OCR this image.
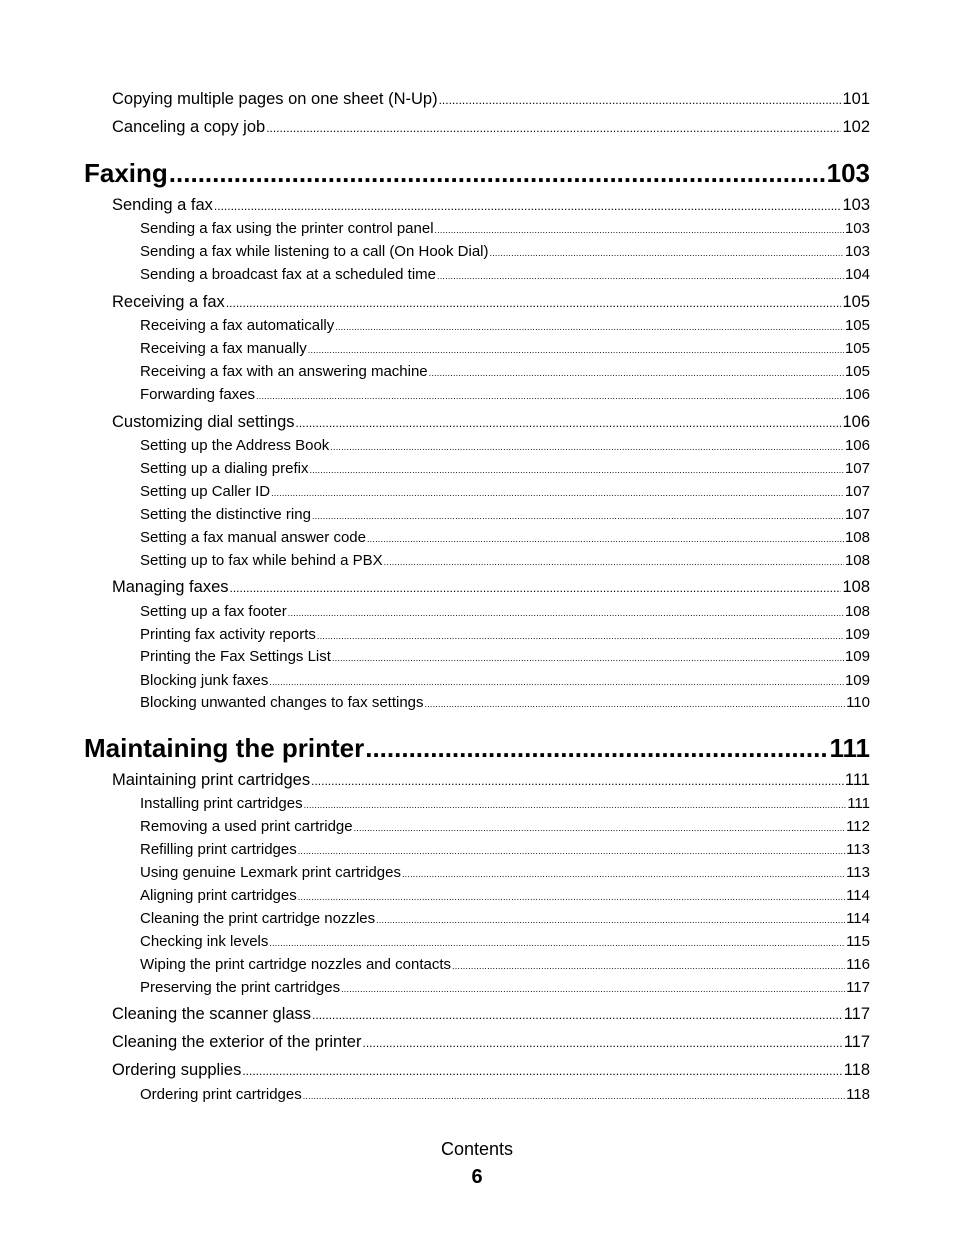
Copying multiple pages on one sheet (N-Up) .....	101
Canceling a copy job .....	102
Faxing .....	103
Sending a fax .....	103
Sending a fax using the printer control panel .....	103
Sending a fax while listening to a call (On Hook Dial) .....	103
Sending a broadcast fax at a scheduled time .....	104
Receiving a fax .....	105
Receiving a fax automatically .....	105
Receiving a fax manually .....	105
Receiving a fax with an answering machine .....	105
Forwarding faxes .....	106
Customizing dial settings .....	106
Setting up the Address Book .....	106
Setting up a dialing prefix .....	107
Setting up Caller ID .....	107
Setting the distinctive ring .....	107
Setting a fax manual answer code .....	108
Setting up to fax while behind a PBX .....	108
Managing faxes .....	108
Setting up a fax footer .....	108
Printing fax activity reports .....	109
Printing the Fax Settings List .....	109
Blocking junk faxes .....	109
Blocking unwanted changes to fax settings .....	110
Maintaining the printer .....	111
Maintaining print cartridges .....	111
Installing print cartridges .....	111
Removing a used print cartridge .....	112
Refilling print cartridges .....	113
Using genuine Lexmark print cartridges .....	113
Aligning print cartridges .....	114
Cleaning the print cartridge nozzles .....	114
Checking ink levels .....	115
Wiping the print cartridge nozzles and contacts .....	116
Preserving the print cartridges .....	117
Cleaning the scanner glass .....	117
Cleaning the exterior of the printer .....	117
Ordering supplies .....	118
Ordering print cartridges .....	118
Contents
6
